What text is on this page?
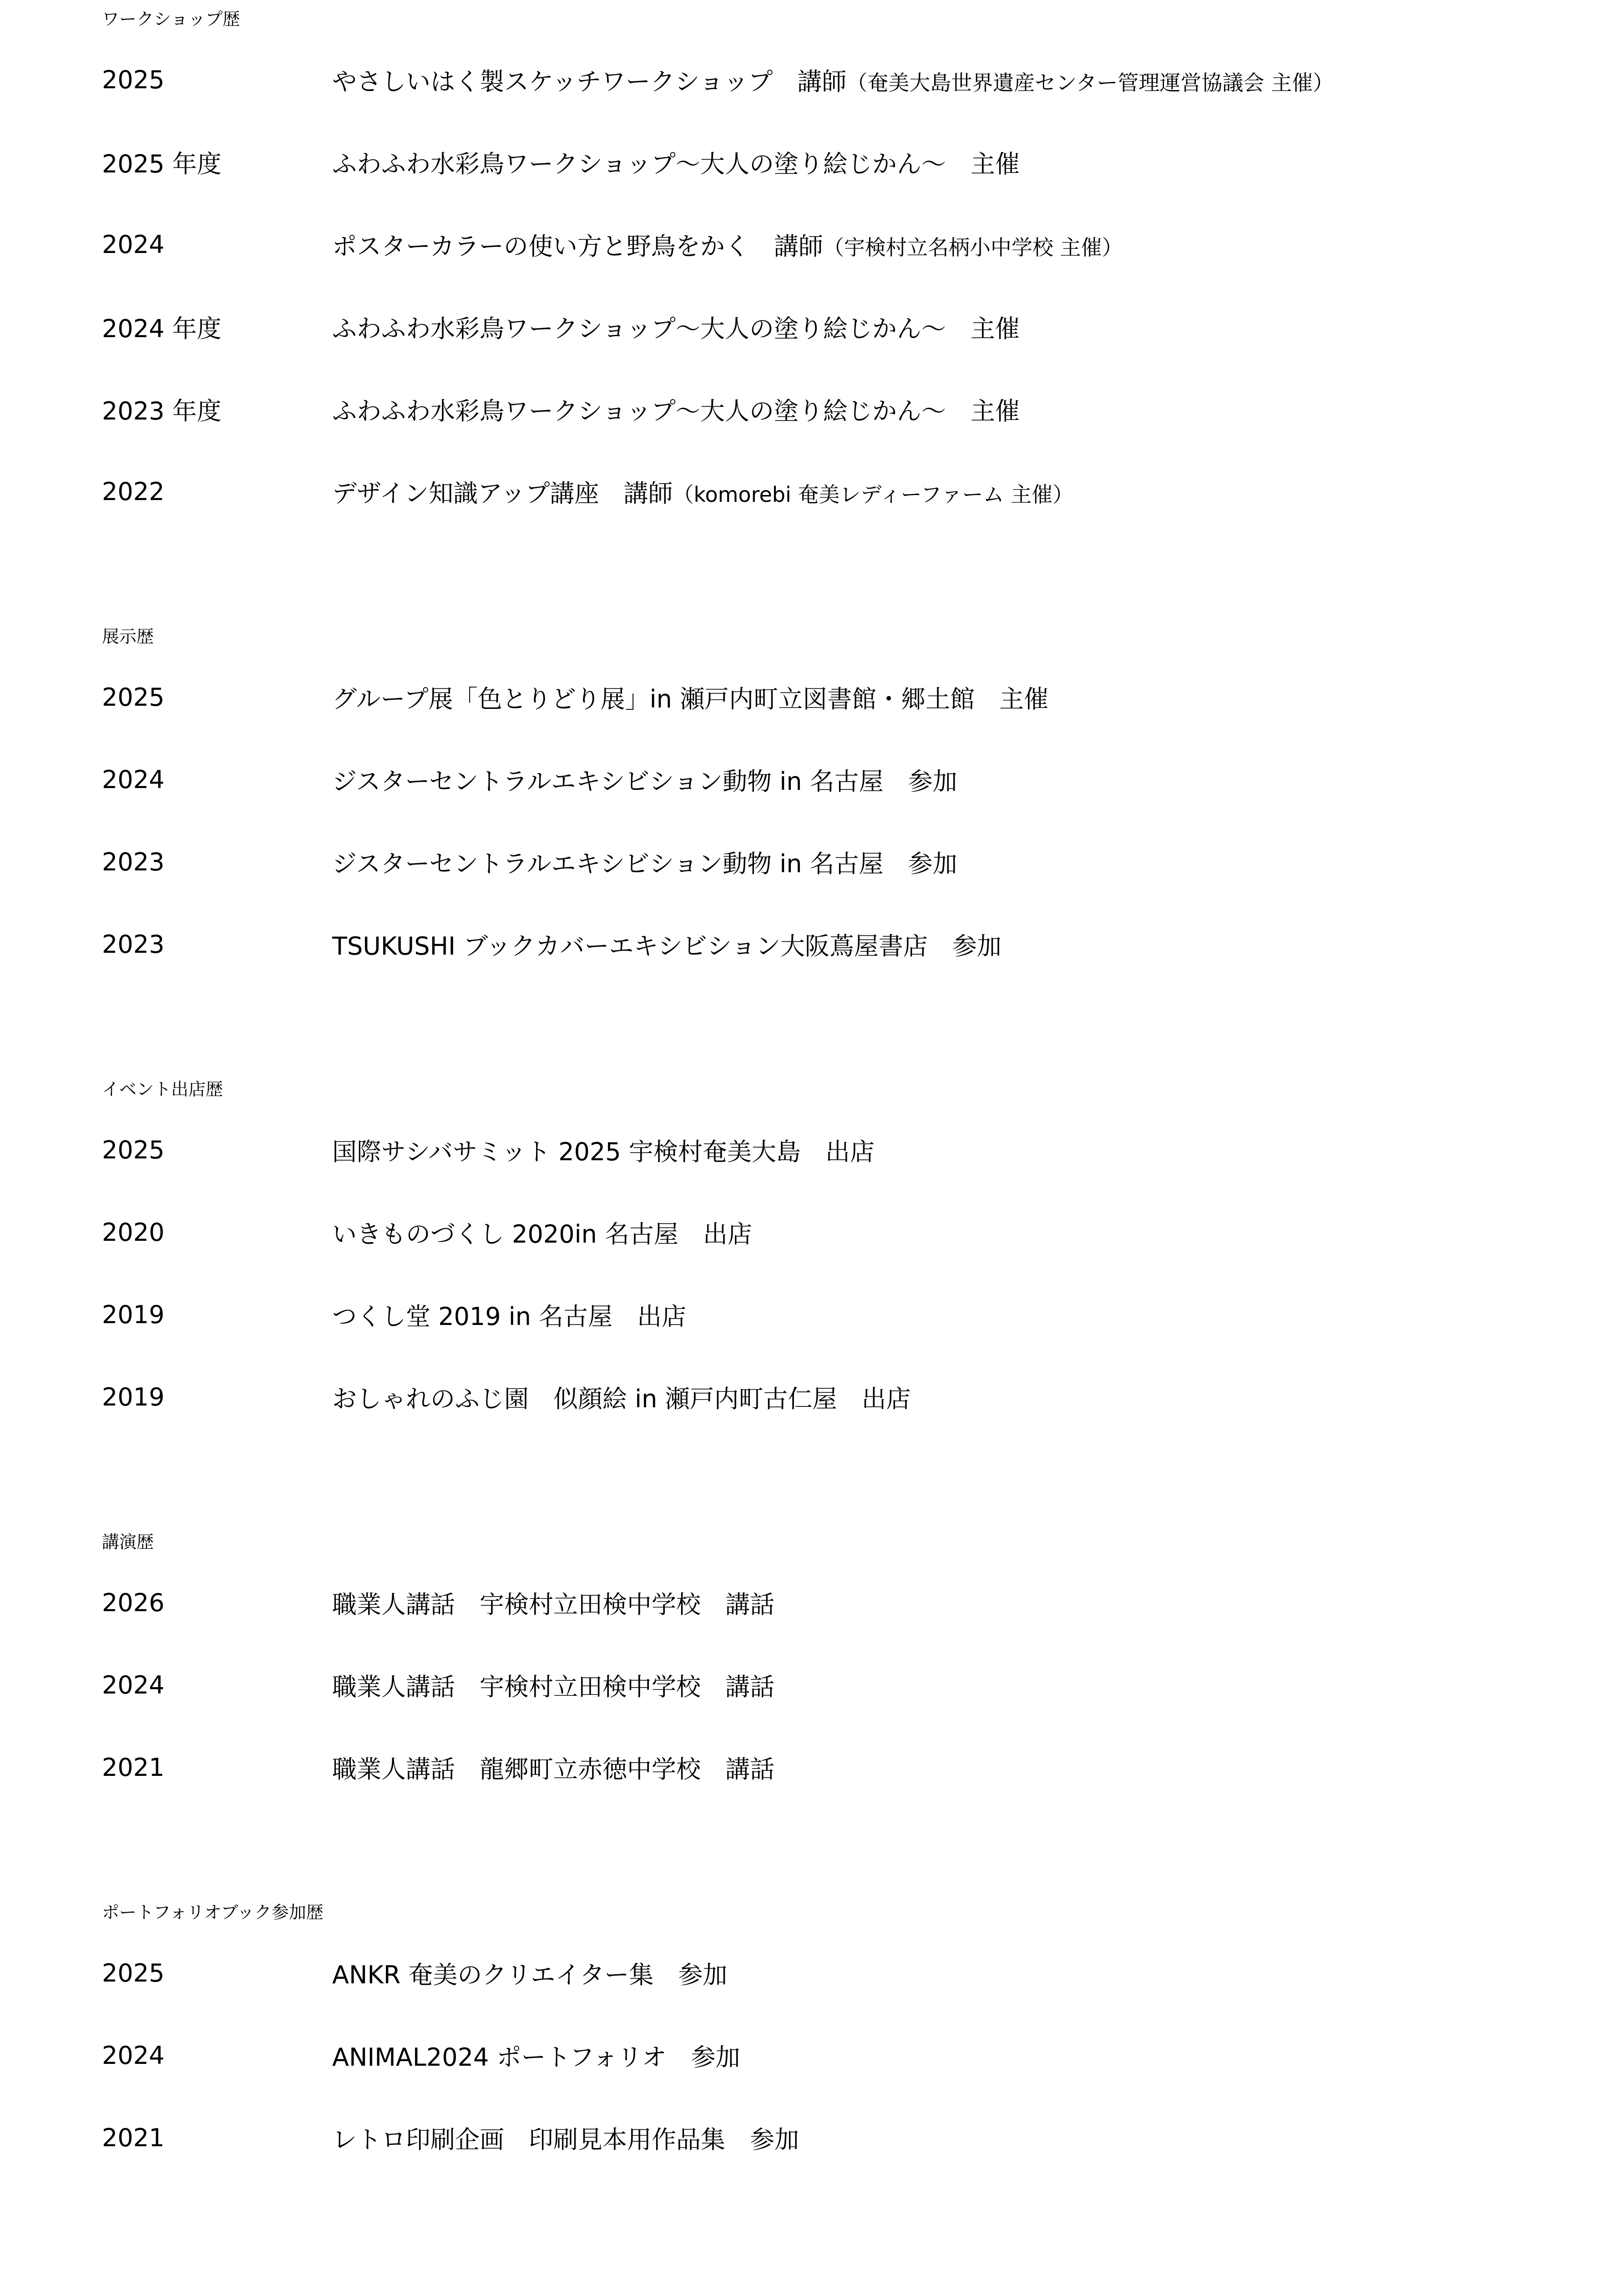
ワークショップ歴
2025	やさしいはく製スケッチワークショップ　講師（奄美大島世界遺産センター管理運営協議会 主催）
2025 年度	ふわふわ水彩鳥ワークショップ〜大人の塗り絵じかん〜　主催
2024	ポスターカラーの使い方と野鳥をかく　講師（宇検村立名柄小中学校 主催）
2024 年度	ふわふわ水彩鳥ワークショップ〜大人の塗り絵じかん〜　主催
2023 年度	ふわふわ水彩鳥ワークショップ〜大人の塗り絵じかん〜　主催
2022	デザイン知識アップ講座　講師（komorebi 奄美レディーファーム 主催）
展示歴
2025	グループ展「色とりどり展」in 瀬戸内町立図書館・郷土館　主催
2024	ジスターセントラルエキシビション動物 in 名古屋　参加
2023	ジスターセントラルエキシビション動物 in 名古屋　参加
2023	TSUKUSHI ブックカバーエキシビション大阪蔦屋書店　参加
イベント出店歴
2025	国際サシバサミット 2025 宇検村奄美大島　出店
2020	いきものづくし 2020in 名古屋　出店
2019	つくし堂 2019 in 名古屋　出店
2019	おしゃれのふじ園　似顔絵 in 瀬戸内町古仁屋　出店
講演歴
2026	職業人講話　宇検村立田検中学校　講話
2024	職業人講話　宇検村立田検中学校　講話
2021	職業人講話　龍郷町立赤徳中学校　講話
ポートフォリオブック参加歴
2025	ANKR 奄美のクリエイター集　参加
2024	ANIMAL2024 ポートフォリオ　参加
2021	レトロ印刷企画　印刷見本用作品集　参加
